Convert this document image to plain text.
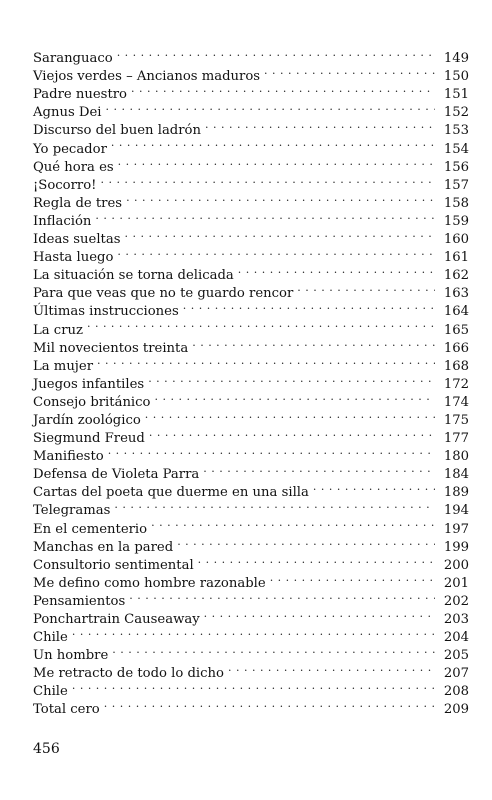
Saranguaco . . .	149
Viejos verdes – Ancianos maduros . . .	150
Padre nuestro . . .	151
Agnus Dei . . .	152
Discurso del buen ladrón . . .	153
Yo pecador . . .	154
Qué hora es . . .	156
¡Socorro! . . .	157
Regla de tres . . .	158
Inflación . . .	159
Ideas sueltas . . .	160
Hasta luego . . .	161
La situación se torna delicada . . .	162
Para que veas que no te guardo rencor . . .	163
Últimas instrucciones . . .	164
La cruz . . .	165
Mil novecientos treinta . . .	166
La mujer . . .	168
Juegos infantiles . . .	172
Consejo británico . . .	174
Jardín zoológico . . .	175
Siegmund Freud . . .	177
Manifiesto . . .	180
Defensa de Violeta Parra . . .	184
Cartas del poeta que duerme en una silla . . .	189
Telegramas . . .	194
En el cementerio . . .	197
Manchas en la pared . . .	199
Consultorio sentimental . . .	200
Me defino como hombre razonable . . .	201
Pensamientos . . .	202
Ponchartrain Causeaway . . .	203
Chile . . .	204
Un hombre . . .	205
Me retracto de todo lo dicho . . .	207
Chile . . .	208
Total cero . . .	209
456
